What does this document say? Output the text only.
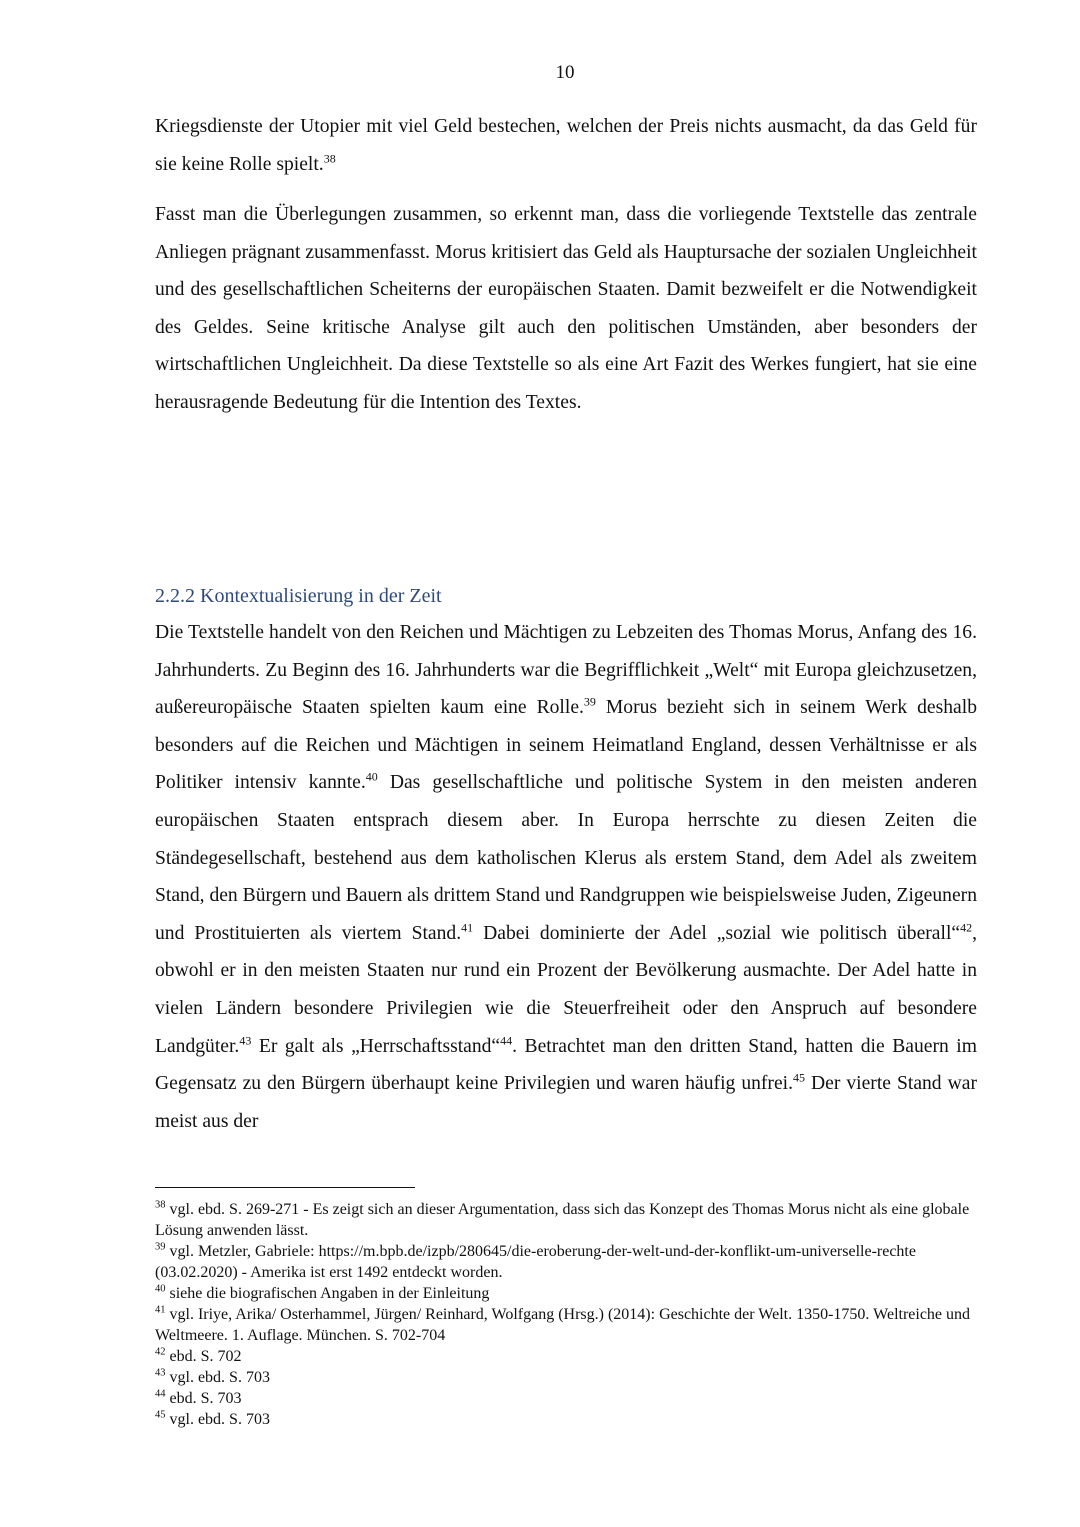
10

Kriegsdienste der Utopier mit viel Geld bestechen, welchen der Preis nichts ausmacht, da das Geld für sie keine Rolle spielt.$^{38}$

Fasst man die Überlegungen zusammen, so erkennt man, dass die vorliegende Textstelle das zentrale Anliegen prägnant zusammenfasst. Morus kritisiert das Geld als Hauptursache der sozialen Ungleichheit und des gesellschaftlichen Scheiterns der europäischen Staaten. Damit bezweifelt er die Notwendigkeit des Geldes. Seine kritische Analyse gilt auch den politischen Umständen, aber besonders der wirtschaftlichen Ungleichheit. Da diese Textstelle so als eine Art Fazit des Werkes fungiert, hat sie eine herausragende Bedeutung für die Intention des Textes.

2.2.2 Kontextualisierung in der Zeit

Die Textstelle handelt von den Reichen und Mächtigen zu Lebzeiten des Thomas Morus, Anfang des 16. Jahrhunderts. Zu Beginn des 16. Jahrhunderts war die Begrifflichkeit „Welt“ mit Europa gleichzusetzen, außereuropäische Staaten spielten kaum eine Rolle.$^{39}$ Morus bezieht sich in seinem Werk deshalb besonders auf die Reichen und Mächtigen in seinem Heimatland England, dessen Verhältnisse er als Politiker intensiv kannte.$^{40}$ Das gesellschaftliche und politische System in den meisten anderen europäischen Staaten entsprach diesem aber. In Europa herrschte zu diesen Zeiten die Ständegesellschaft, bestehend aus dem katholischen Klerus als erstem Stand, dem Adel als zweitem Stand, den Bürgern und Bauern als drittem Stand und Randgruppen wie beispielsweise Juden, Zigeunern und Prostituierten als viertem Stand.$^{41}$ Dabei dominierte der Adel „sozial wie politisch überall“$^{42}$, obwohl er in den meisten Staaten nur rund ein Prozent der Bevölkerung ausmachte. Der Adel hatte in vielen Ländern besondere Privilegien wie die Steuerfreiheit oder den Anspruch auf besondere Landgüter.$^{43}$ Er galt als „Herrschaftsstand“$^{44}$. Betrachtet man den dritten Stand, hatten die Bauern im Gegensatz zu den Bürgern überhaupt keine Privilegien und waren häufig unfrei.$^{45}$ Der vierte Stand war meist aus der

$^{38}$ vgl. ebd. S. 269-271 - Es zeigt sich an dieser Argumentation, dass sich das Konzept des Thomas Morus nicht als eine globale Lösung anwenden lässt.
$^{39}$ vgl. Metzler, Gabriele: https://m.bpb.de/izpb/280645/die-eroberung-der-welt-und-der-konflikt-um-universelle-rechte (03.02.2020) - Amerika ist erst 1492 entdeckt worden.
$^{40}$ siehe die biografischen Angaben in der Einleitung
$^{41}$ vgl. Iriye, Arika/ Osterhammel, Jürgen/ Reinhard, Wolfgang (Hrsg.) (2014): Geschichte der Welt. 1350-1750. Weltreiche und Weltmeere. 1. Auflage. München. S. 702-704
$^{42}$ ebd. S. 702
$^{43}$ vgl. ebd. S. 703
$^{44}$ ebd. S. 703
$^{45}$ vgl. ebd. S. 703
